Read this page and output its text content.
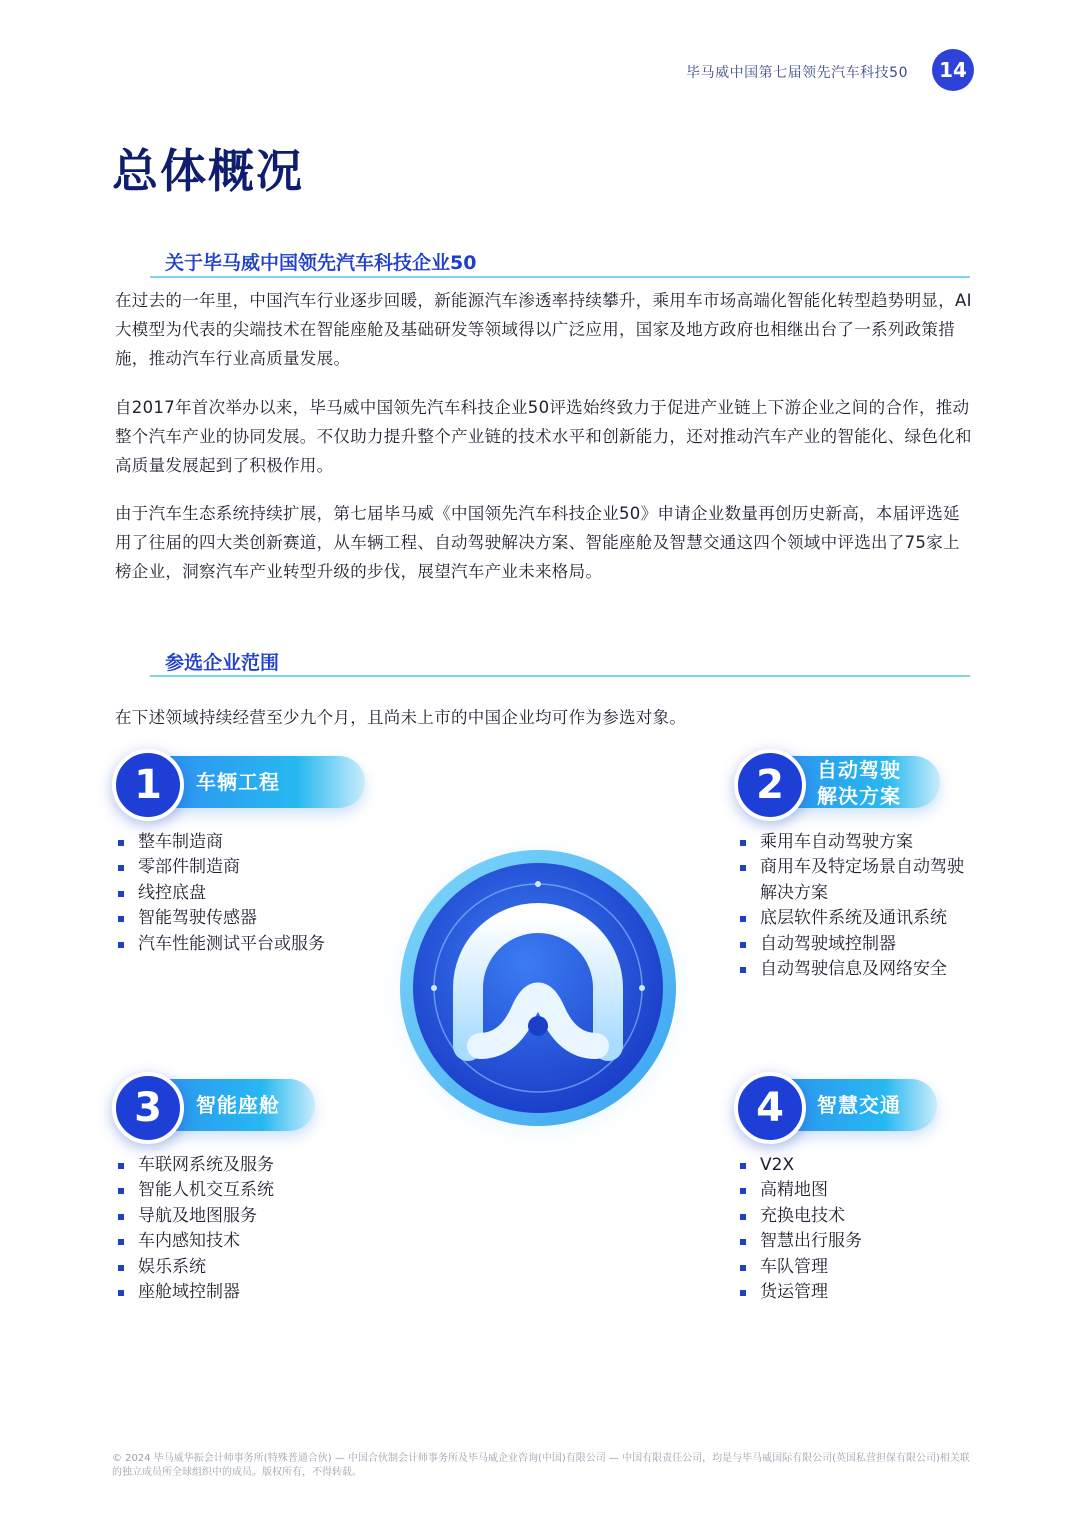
毕马威中国第七届领先汽车科技50	14
总体概况
关于毕马威中国领先汽车科技企业50

在过去的一年里，中国汽车行业逐步回暖，新能源汽车渗透率持续攀升，乘用车市场高端化智能化转型趋势明显，AI大模型为代表的尖端技术在智能座舱及基础研发等领域得以广泛应用，国家及地方政府也相继出台了一系列政策措施，推动汽车行业高质量发展。

自2017年首次举办以来，毕马威中国领先汽车科技企业50评选始终致力于促进产业链上下游企业之间的合作，推动整个汽车产业的协同发展。不仅助力提升整个产业链的技术水平和创新能力，还对推动汽车产业的智能化、绿色化和高质量发展起到了积极作用。

由于汽车生态系统持续扩展，第七届毕马威《中国领先汽车科技企业50》申请企业数量再创历史新高，本届评选延用了往届的四大类创新赛道，从车辆工程、自动驾驶解决方案、智能座舱及智慧交通这四个领域中评选出了75家上榜企业，洞察汽车产业转型升级的步伐，展望汽车产业未来格局。

参选企业范围

在下述领域持续经营至少九个月，且尚未上市的中国企业均可作为参选对象。

1	车辆工程
整车制造商
零部件制造商
线控底盘
智能驾驶传感器
汽车性能测试平台或服务
2	自动驾驶
解决方案
乘用车自动驾驶方案
商用车及特定场景自动驾驶解决方案
底层软件系统及通讯系统
自动驾驶域控制器
自动驾驶信息及网络安全
3	智能座舱
车联网系统及服务
智能人机交互系统
导航及地图服务
车内感知技术
娱乐系统
座舱域控制器
4	智慧交通
V2X
高精地图
充换电技术
智慧出行服务
车队管理
货运管理

© 2024 毕马威华振会计师事务所(特殊普通合伙) — 中国合伙制会计师事务所及毕马威企业咨询(中国)有限公司 — 中国有限责任公司，均是与毕马威国际有限公司(英国私营担保有限公司)相关联的独立成员所全球组织中的成员。版权所有，不得转载。
